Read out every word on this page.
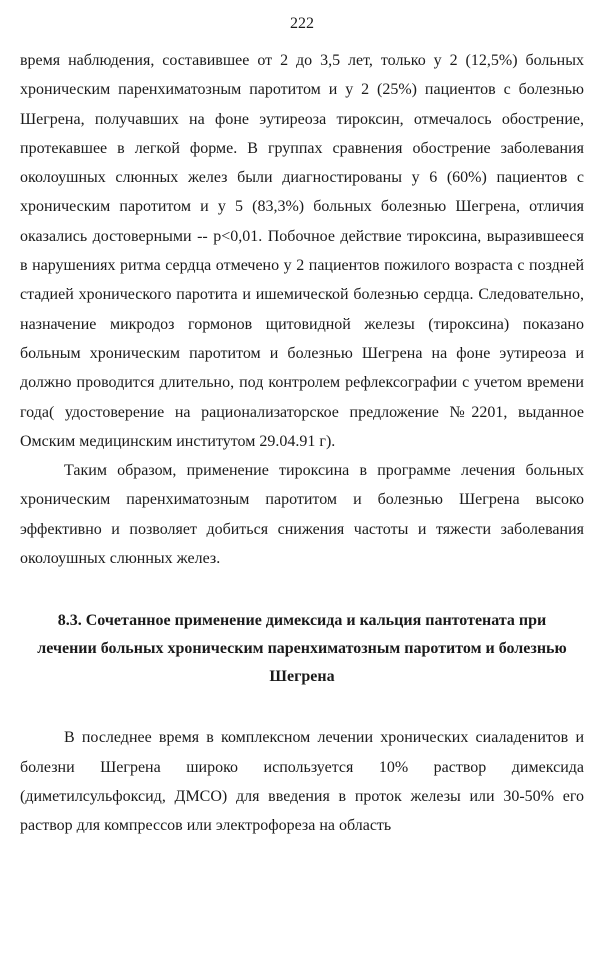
222

время наблюдения, составившее от 2 до 3,5 лет, только у 2 (12,5%) больных хроническим паренхиматозным паротитом и у 2 (25%) пациентов с болезнью Шегрена, получавших на фоне эутиреоза тироксин, отмечалось обострение, протекавшее в легкой форме. В группах сравнения обострение заболевания околоушных слюнных желез были диагностированы у 6 (60%) пациентов с хроническим паротитом и у 5 (83,3%) больных болезнью Шегрена, отличия оказались достоверными -- р<0,01. Побочное действие тироксина, выразившееся в нарушениях ритма сердца отмечено у 2 пациентов пожилого возраста с поздней стадией хронического паротита и ишемической болезнью сердца. Следовательно, назначение микродоз гормонов щитовидной железы (тироксина) показано больным хроническим паротитом и болезнью Шегрена на фоне эутиреоза и должно проводится длительно, под контролем рефлексографии с учетом времени года( удостоверение на рационализаторское предложение №2201, выданное Омским медицинским институтом 29.04.91 г).

Таким образом, применение тироксина в программе лечения больных хроническим паренхиматозным паротитом и болезнью Шегрена высоко эффективно и позволяет добиться снижения частоты и тяжести заболевания околоушных слюнных желез.

8.3. Сочетанное применение димексида и кальция пантотената при лечении больных хроническим паренхиматозным паротитом и болезнью Шегрена

В последнее время в комплексном лечении хронических сиаладенитов и болезни Шегрена широко используется 10% раствор димексида (диметилсульфоксид, ДМСО) для введения в проток железы или 30-50% его раствор для компрессов или электрофореза на область
